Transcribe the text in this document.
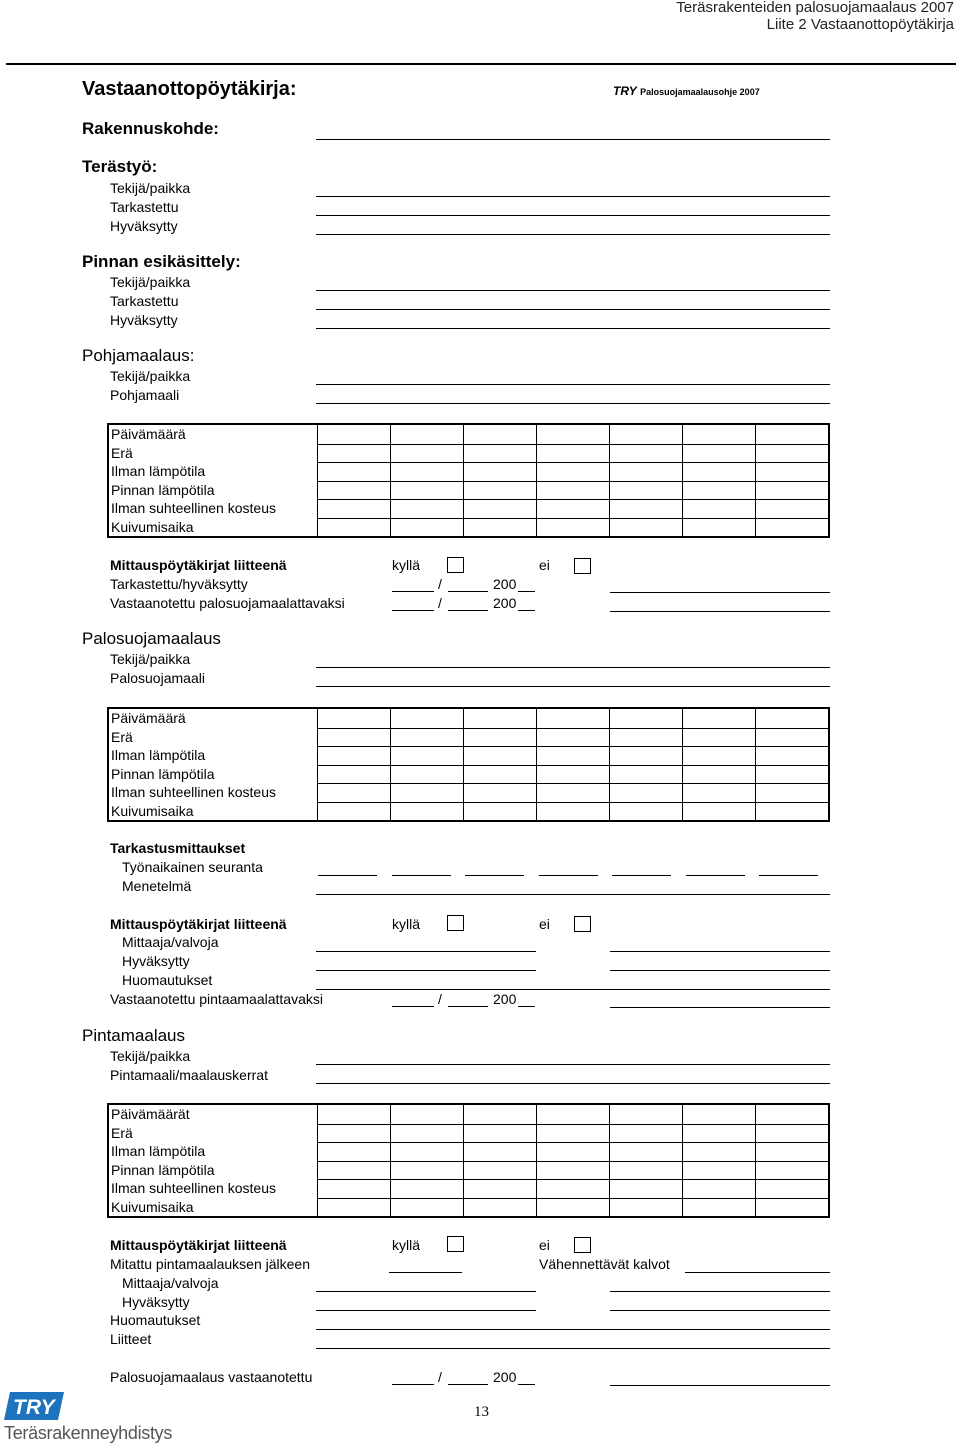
Teräsrakenteiden palosuojamaalaus 2007
Liite 2 Vastaanottopöytäkirja
Vastaanottopöytäkirja:	TRY Palosuojamaalausohje 2007
Rakennuskohde:
Terästyö:
Tekijä/paikka
Tarkastettu
Hyväksytty
Pinnan esikäsittely:
Tekijä/paikka
Tarkastettu
Hyväksytty
Pohjamaalaus:
Tekijä/paikka
Pohjamaali
Päivämäärä
Erä
Ilman lämpötila
Pinnan lämpötila
Ilman suhteellinen kosteus
Kuivumisaika
Mittauspöytäkirjat liitteenä	kyllä	ei
Tarkastettu/hyväksytty	/	200
Vastaanotettu palosuojamaalattavaksi	/	200
Palosuojamaalaus
Tekijä/paikka
Palosuojamaali
Päivämäärä
Erä
Ilman lämpötila
Pinnan lämpötila
Ilman suhteellinen kosteus
Kuivumisaika
Tarkastusmittaukset
Työnaikainen seuranta
Menetelmä
Mittauspöytäkirjat liitteenä	kyllä	ei
Mittaaja/valvoja
Hyväksytty
Huomautukset
Vastaanotettu pintaamaalattavaksi	/	200
Pintamaalaus
Tekijä/paikka
Pintamaali/maalauskerrat
Päivämäärät
Erä
Ilman lämpötila
Pinnan lämpötila
Ilman suhteellinen kosteus
Kuivumisaika
Mittauspöytäkirjat liitteenä	kyllä	ei
Mitattu pintamaalauksen jälkeen	Vähennettävät kalvot
Mittaaja/valvoja
Hyväksytty
Huomautukset
Liitteet
Palosuojamaalaus vastaanotettu	/	200
13
TRY
Teräsrakenneyhdistys
